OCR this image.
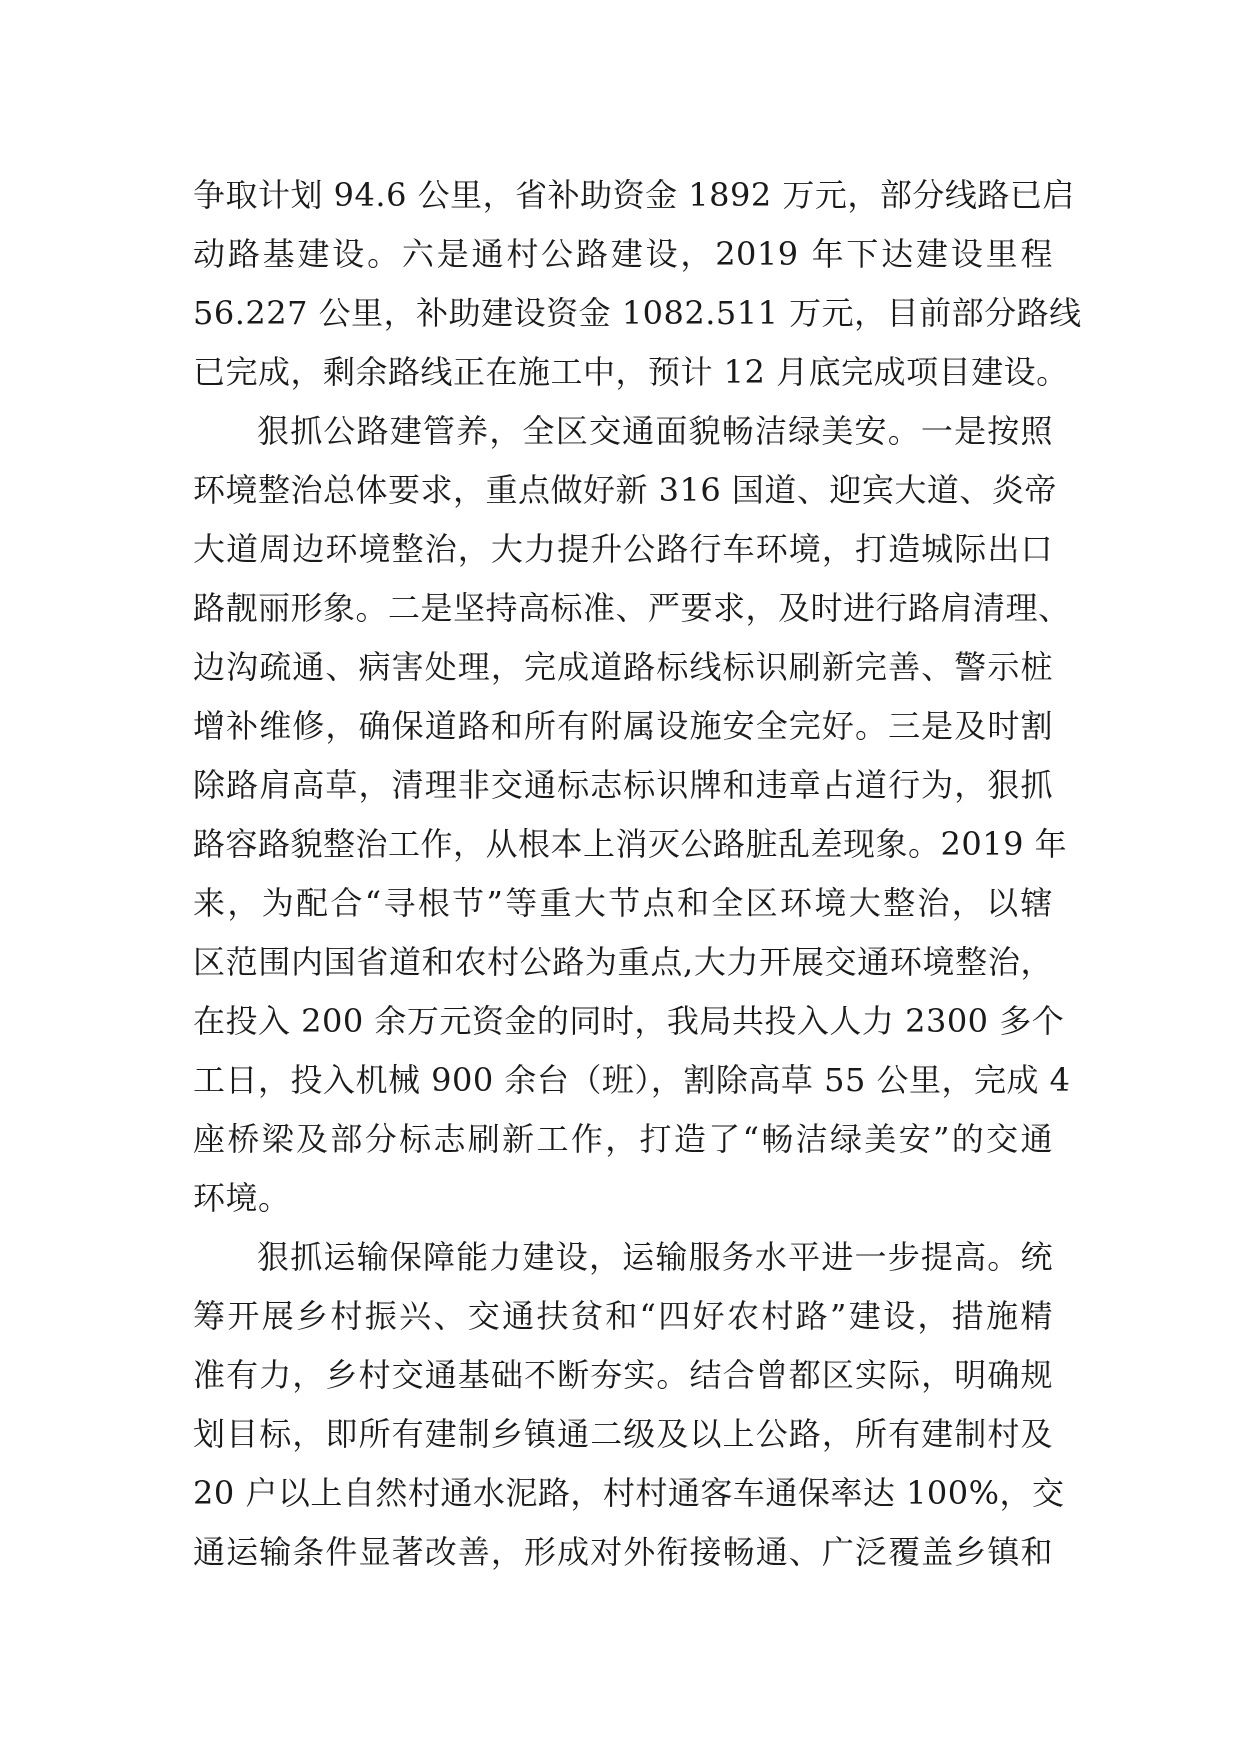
争取计划 94.6 公里，省补助资金 1892 万元，部分线路已启
动路基建设。六是通村公路建设，2019 年下达建设里程
56.227 公里，补助建设资金 1082.511 万元，目前部分路线
已完成，剩余路线正在施工中，预计 12 月底完成项目建设。
狠抓公路建管养，全区交通面貌畅洁绿美安。一是按照
环境整治总体要求，重点做好新 316 国道、迎宾大道、炎帝
大道周边环境整治，大力提升公路行车环境，打造城际出口
路靓丽形象。二是坚持高标准、严要求，及时进行路肩清理、
边沟疏通、病害处理，完成道路标线标识刷新完善、警示桩
增补维修，确保道路和所有附属设施安全完好。三是及时割
除路肩高草，清理非交通标志标识牌和违章占道行为，狠抓
路容路貌整治工作，从根本上消灭公路脏乱差现象。2019 年
来，为配合“寻根节”等重大节点和全区环境大整治，以辖
区范围内国省道和农村公路为重点,大力开展交通环境整治，
在投入 200 余万元资金的同时，我局共投入人力 2300 多个
工日，投入机械 900 余台（班），割除高草 55 公里，完成 4
座桥梁及部分标志刷新工作，打造了“畅洁绿美安”的交通
环境。
狠抓运输保障能力建设，运输服务水平进一步提高。统
筹开展乡村振兴、交通扶贫和“四好农村路”建设，措施精
准有力，乡村交通基础不断夯实。结合曾都区实际，明确规
划目标，即所有建制乡镇通二级及以上公路，所有建制村及
20 户以上自然村通水泥路，村村通客车通保率达 100%，交
通运输条件显著改善，形成对外衔接畅通、广泛覆盖乡镇和
